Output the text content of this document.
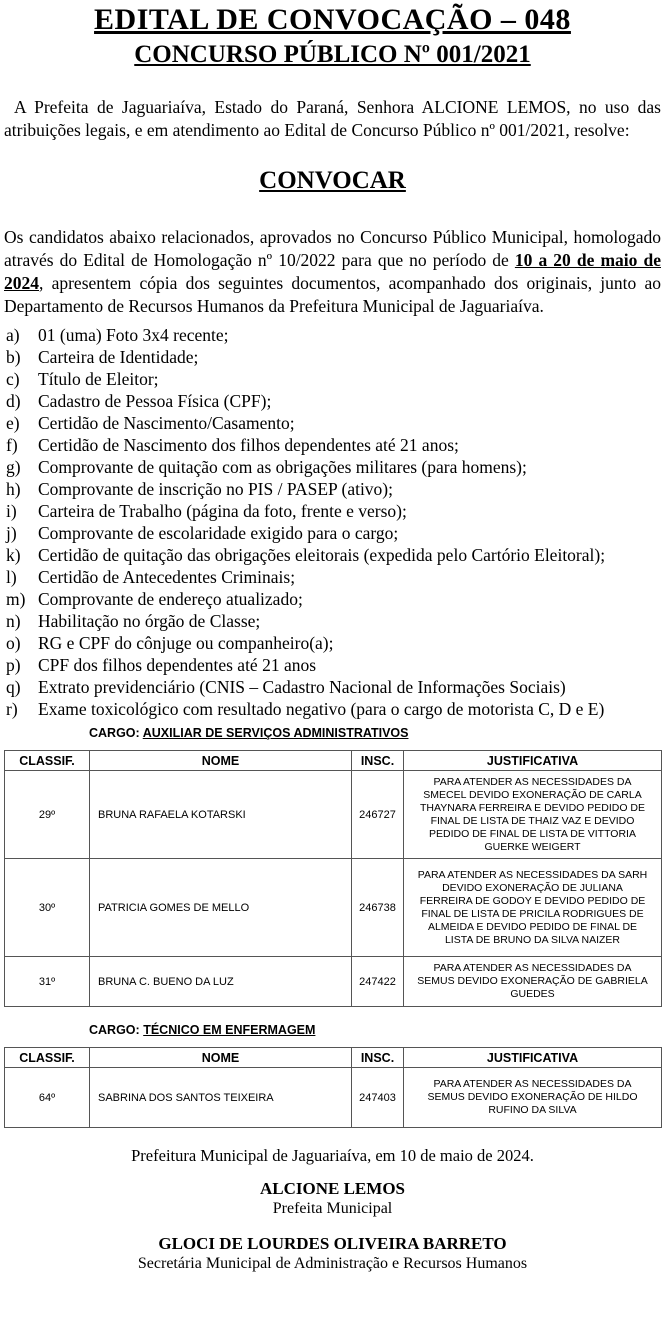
EDITAL DE CONVOCAÇÃO – 048
CONCURSO PÚBLICO Nº 001/2021

A Prefeita de Jaguariaíva, Estado do Paraná, Senhora ALCIONE LEMOS, no uso das atribuições legais, e em atendimento ao Edital de Concurso Público nº 001/2021, resolve:

CONVOCAR

Os candidatos abaixo relacionados, aprovados no Concurso Público Municipal, homologado através do Edital de Homologação nº 10/2022 para que no período de 10 a 20 de maio de 2024, apresentem cópia dos seguintes documentos, acompanhado dos originais, junto ao Departamento de Recursos Humanos da Prefeitura Municipal de Jaguariaíva.

a) 01 (uma) Foto 3x4 recente;
b) Carteira de Identidade;
c) Título de Eleitor;
d) Cadastro de Pessoa Física (CPF);
e) Certidão de Nascimento/Casamento;
f) Certidão de Nascimento dos filhos dependentes até 21 anos;
g) Comprovante de quitação com as obrigações militares (para homens);
h) Comprovante de inscrição no PIS / PASEP (ativo);
i) Carteira de Trabalho (página da foto, frente e verso);
j) Comprovante de escolaridade exigido para o cargo;
k) Certidão de quitação das obrigações eleitorais (expedida pelo Cartório Eleitoral);
l) Certidão de Antecedentes Criminais;
m) Comprovante de endereço atualizado;
n) Habilitação no órgão de Classe;
o) RG e CPF do cônjuge ou companheiro(a);
p) CPF dos filhos dependentes até 21 anos
q) Extrato previdenciário (CNIS – Cadastro Nacional de Informações Sociais)
r) Exame toxicológico com resultado negativo (para o cargo de motorista C, D e E)
CARGO: AUXILIAR DE SERVIÇOS ADMINISTRATIVOS
CLASSIF.	NOME	INSC.	JUSTIFICATIVA
29º	BRUNA RAFAELA KOTARSKI	246727	PARA ATENDER AS NECESSIDADES DA SMECEL DEVIDO EXONERAÇÃO DE CARLA THAYNARA FERREIRA E DEVIDO PEDIDO DE FINAL DE LISTA DE THAIZ VAZ E DEVIDO PEDIDO DE FINAL DE LISTA DE VITTORIA GUERKE WEIGERT
30º	PATRICIA GOMES DE MELLO	246738	PARA ATENDER AS NECESSIDADES DA SARH DEVIDO EXONERAÇÃO DE JULIANA FERREIRA DE GODOY E DEVIDO PEDIDO DE FINAL DE LISTA DE PRICILA RODRIGUES DE ALMEIDA E DEVIDO PEDIDO DE FINAL DE LISTA DE BRUNO DA SILVA NAIZER
31º	BRUNA C. BUENO DA LUZ	247422	PARA ATENDER AS NECESSIDADES DA SEMUS DEVIDO EXONERAÇÃO DE GABRIELA GUEDES
CARGO: TÉCNICO EM ENFERMAGEM
CLASSIF.	NOME	INSC.	JUSTIFICATIVA
64º	SABRINA DOS SANTOS TEIXEIRA	247403	PARA ATENDER AS NECESSIDADES DA SEMUS DEVIDO EXONERAÇÃO DE HILDO RUFINO DA SILVA

Prefeitura Municipal de Jaguariaíva, em 10 de maio de 2024.

ALCIONE LEMOS
Prefeita Municipal
GLOCI DE LOURDES OLIVEIRA BARRETO
Secretária Municipal de Administração e Recursos Humanos
